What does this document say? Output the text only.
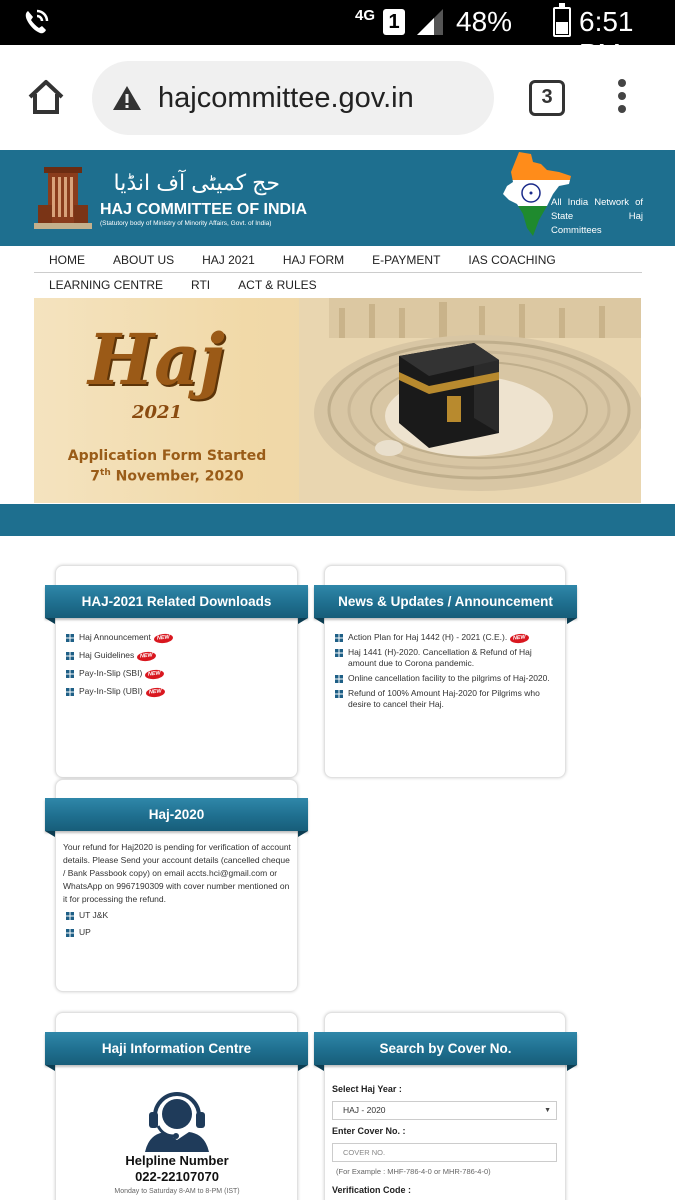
4G 1 48% 6:51
hajcommittee.gov.in	3
حج کمیٹی آف انڈیا
HAJ COMMITTEE OF INDIA
(Statutory body of Ministry of Minority Affairs, Govt. of India)
All India Network of State Haj Committees
HOME	ABOUT US	HAJ 2021	HAJ FORM	E-PAYMENT	IAS COACHING
LEARNING CENTRE	RTI	ACT & RULES
Haj
2021
Application Form Started
7th November, 2020
HAJ-2021 Related Downloads
Haj Announcement NEW
Haj Guidelines NEW
Pay-In-Slip (SBI) NEW
Pay-In-Slip (UBI) NEW
News & Updates / Announcement
Action Plan for Haj 1442 (H) - 2021 (C.E.). NEW
Haj 1441 (H)-2020. Cancellation & Refund of Haj amount due to Corona pandemic.
Online cancellation facility to the pilgrims of Haj-2020.
Refund of 100% Amount Haj-2020 for Pilgrims who desire to cancel their Haj.
Haj-2020
Your refund for Haj2020 is pending for verification of account details. Please Send your account details (cancelled cheque / Bank Passbook copy) on email accts.hci@gmail.com or WhatsApp on 9967190309 with cover number mentioned on it for processing the refund.
UT J&K
UP
Haji Information Centre
Helpline Number
022-22107070
Monday to Saturday 8-AM to 8-PM (IST)
Search by Cover No.
Select Haj Year :
HAJ - 2020	▼
Enter Cover No. :
COVER NO.
(For Example : MHF-786-4-0 or MHR-786-4-0)
Verification Code :
